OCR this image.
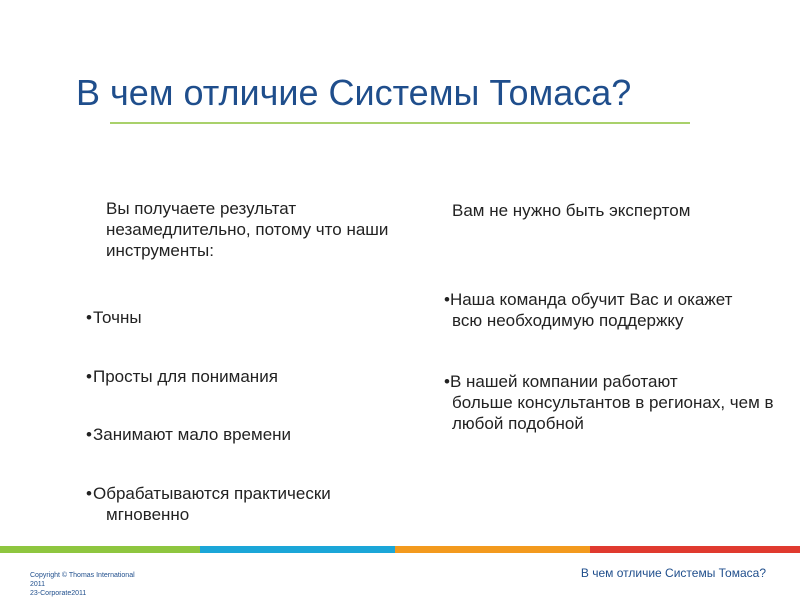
В чем отличие Системы Томаса?
Вы получаете результат незамедлительно, потому что наши инструменты:
•Точны
•Просты для понимания
•Занимают мало времени
•Обрабатываются практически
мгновенно
Вам не нужно быть экспертом
•Наша команда обучит Вас и окажет
всю необходимую поддержку
•В нашей компании работают
больше консультантов в регионах, чем в любой подобной
Copyright © Thomas International
2011
23-Corporate2011
В чем отличие Системы Томаса?
